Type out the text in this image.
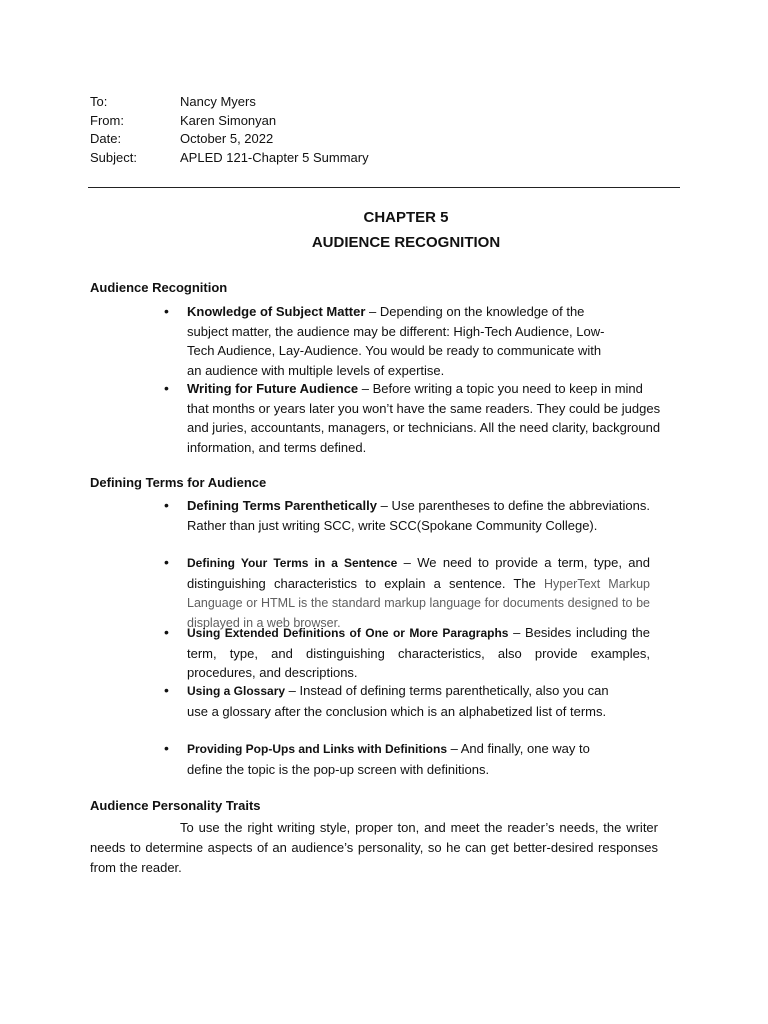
To:	Nancy Myers
From:	Karen Simonyan
Date:	October 5, 2022
Subject:	APLED 121-Chapter 5 Summary
CHAPTER 5
AUDIENCE RECOGNITION
Audience Recognition
• Knowledge of Subject Matter – Depending on the knowledge of the subject matter, the audience may be different: High-Tech Audience, Low-Tech Audience, Lay-Audience. You would be ready to communicate with an audience with multiple levels of expertise.
• Writing for Future Audience – Before writing a topic you need to keep in mind that months or years later you won’t have the same readers. They could be judges and juries, accountants, managers, or technicians. All the need clarity, background information, and terms defined.
Defining Terms for Audience
• Defining Terms Parenthetically – Use parentheses to define the abbreviations. Rather than just writing SCC, write SCC(Spokane Community College).
• Defining Your Terms in a Sentence – We need to provide a term, type, and distinguishing characteristics to explain a sentence. The HyperText Markup Language or HTML is the standard markup language for documents designed to be displayed in a web browser.
• Using Extended Definitions of One or More Paragraphs – Besides including the term, type, and distinguishing characteristics, also provide examples, procedures, and descriptions.
• Using a Glossary – Instead of defining terms parenthetically, also you can use a glossary after the conclusion which is an alphabetized list of terms.
• Providing Pop-Ups and Links with Definitions – And finally, one way to define the topic is the pop-up screen with definitions.
Audience Personality Traits

To use the right writing style, proper ton, and meet the reader’s needs, the writer needs to determine aspects of an audience’s personality, so he can get better-desired responses from the reader.
